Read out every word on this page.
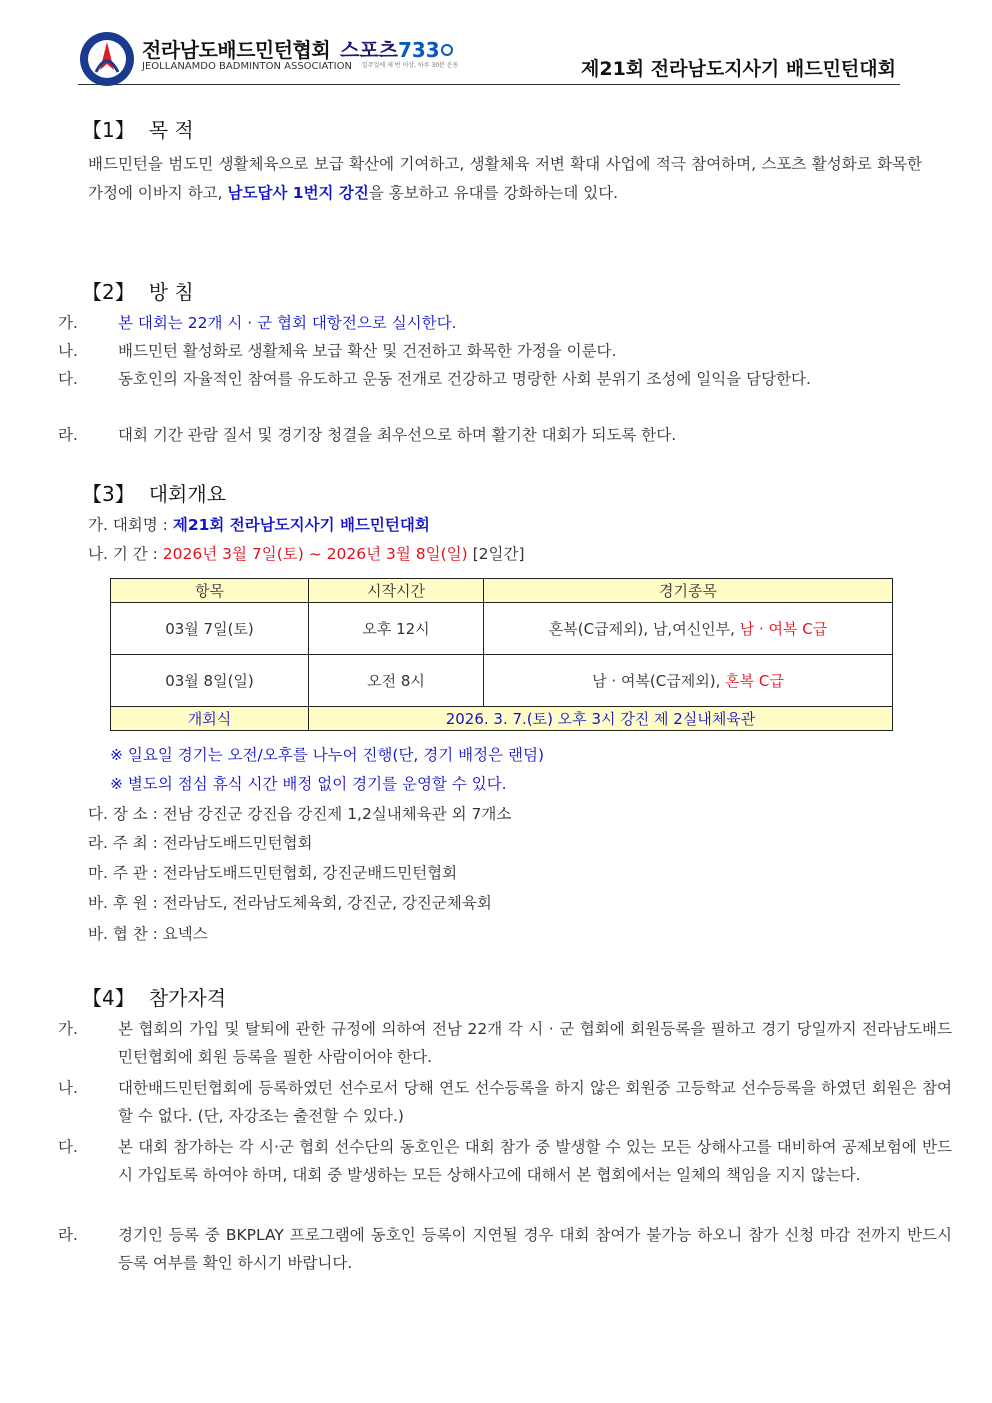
전라남도배드민턴협회
JEOLLANAMDO BADMINTON ASSOCIATION
스포츠733
일주일에 세 번 이상, 하루 30분 운동	제21회 전라남도지사기 배드민턴대회
【1】 목 적
배드민턴을 범도민 생활체육으로 보급 확산에 기여하고, 생활체육 저변 확대 사업에 적극 참여하며, 스포츠 활성화로 화목한 가정에 이바지 하고, 남도답사 1번지 강진을 홍보하고 유대를 강화하는데 있다.
【2】 방 침
가.	본 대회는 22개 시 · 군 협회 대항전으로 실시한다.
나.	배드민턴 활성화로 생활체육 보급 확산 및 건전하고 화목한 가정을 이룬다.
다.	동호인의 자율적인 참여를 유도하고 운동 전개로 건강하고 명랑한 사회 분위기 조성에 일익을 담당한다.
라.	대회 기간 관람 질서 및 경기장 청결을 최우선으로 하며 활기찬 대회가 되도록 한다.
【3】 대회개요
가. 대회명 : 제21회 전라남도지사기 배드민턴대회
나. 기 간 : 2026년 3월 7일(토) ~ 2026년 3월 8일(일) [2일간]
항목	시작시간	경기종목
03월 7일(토)	오후 12시	혼복(C급제외), 남,여신인부, 남 · 여복 C급
03월 8일(일)	오전 8시	남 · 여복(C급제외), 혼복 C급
개회식	2026. 3. 7.(토) 오후 3시 강진 제 2실내체육관	
※ 일요일 경기는 오전/오후를 나누어 진행(단, 경기 배정은 랜덤)
※ 별도의 점심 휴식 시간 배정 없이 경기를 운영할 수 있다.
다. 장 소 : 전남 강진군 강진읍 강진제 1,2실내체육관 외 7개소
라. 주 최 : 전라남도배드민턴협회
마. 주 관 : 전라남도배드민턴협회, 강진군배드민턴협회
바. 후 원 : 전라남도, 전라남도체육회, 강진군, 강진군체육회
바. 협 찬 : 요넥스
【4】 참가자격
가.	본 협회의 가입 및 탈퇴에 관한 규정에 의하여 전남 22개 각 시 · 군 협회에 회원등록을 필하고 경기 당일까지 전라남도배드민턴협회에 회원 등록을 필한 사람이어야 한다.
나.	대한배드민턴협회에 등록하였던 선수로서 당해 연도 선수등록을 하지 않은 회원중 고등학교 선수등록을 하였던 회원은 참여할 수 없다. (단, 자강조는 출전할 수 있다.)
다.	본 대회 참가하는 각 시·군 협회 선수단의 동호인은 대회 참가 중 발생할 수 있는 모든 상해사고를 대비하여 공제보험에 반드시 가입토록 하여야 하며, 대회 중 발생하는 모든 상해사고에 대해서 본 협회에서는 일체의 책임을 지지 않는다.
라.	경기인 등록 중 BKPLAY 프로그램에 동호인 등록이 지연될 경우 대회 참여가 불가능 하오니 참가 신청 마감 전까지 반드시 등록 여부를 확인 하시기 바랍니다.
